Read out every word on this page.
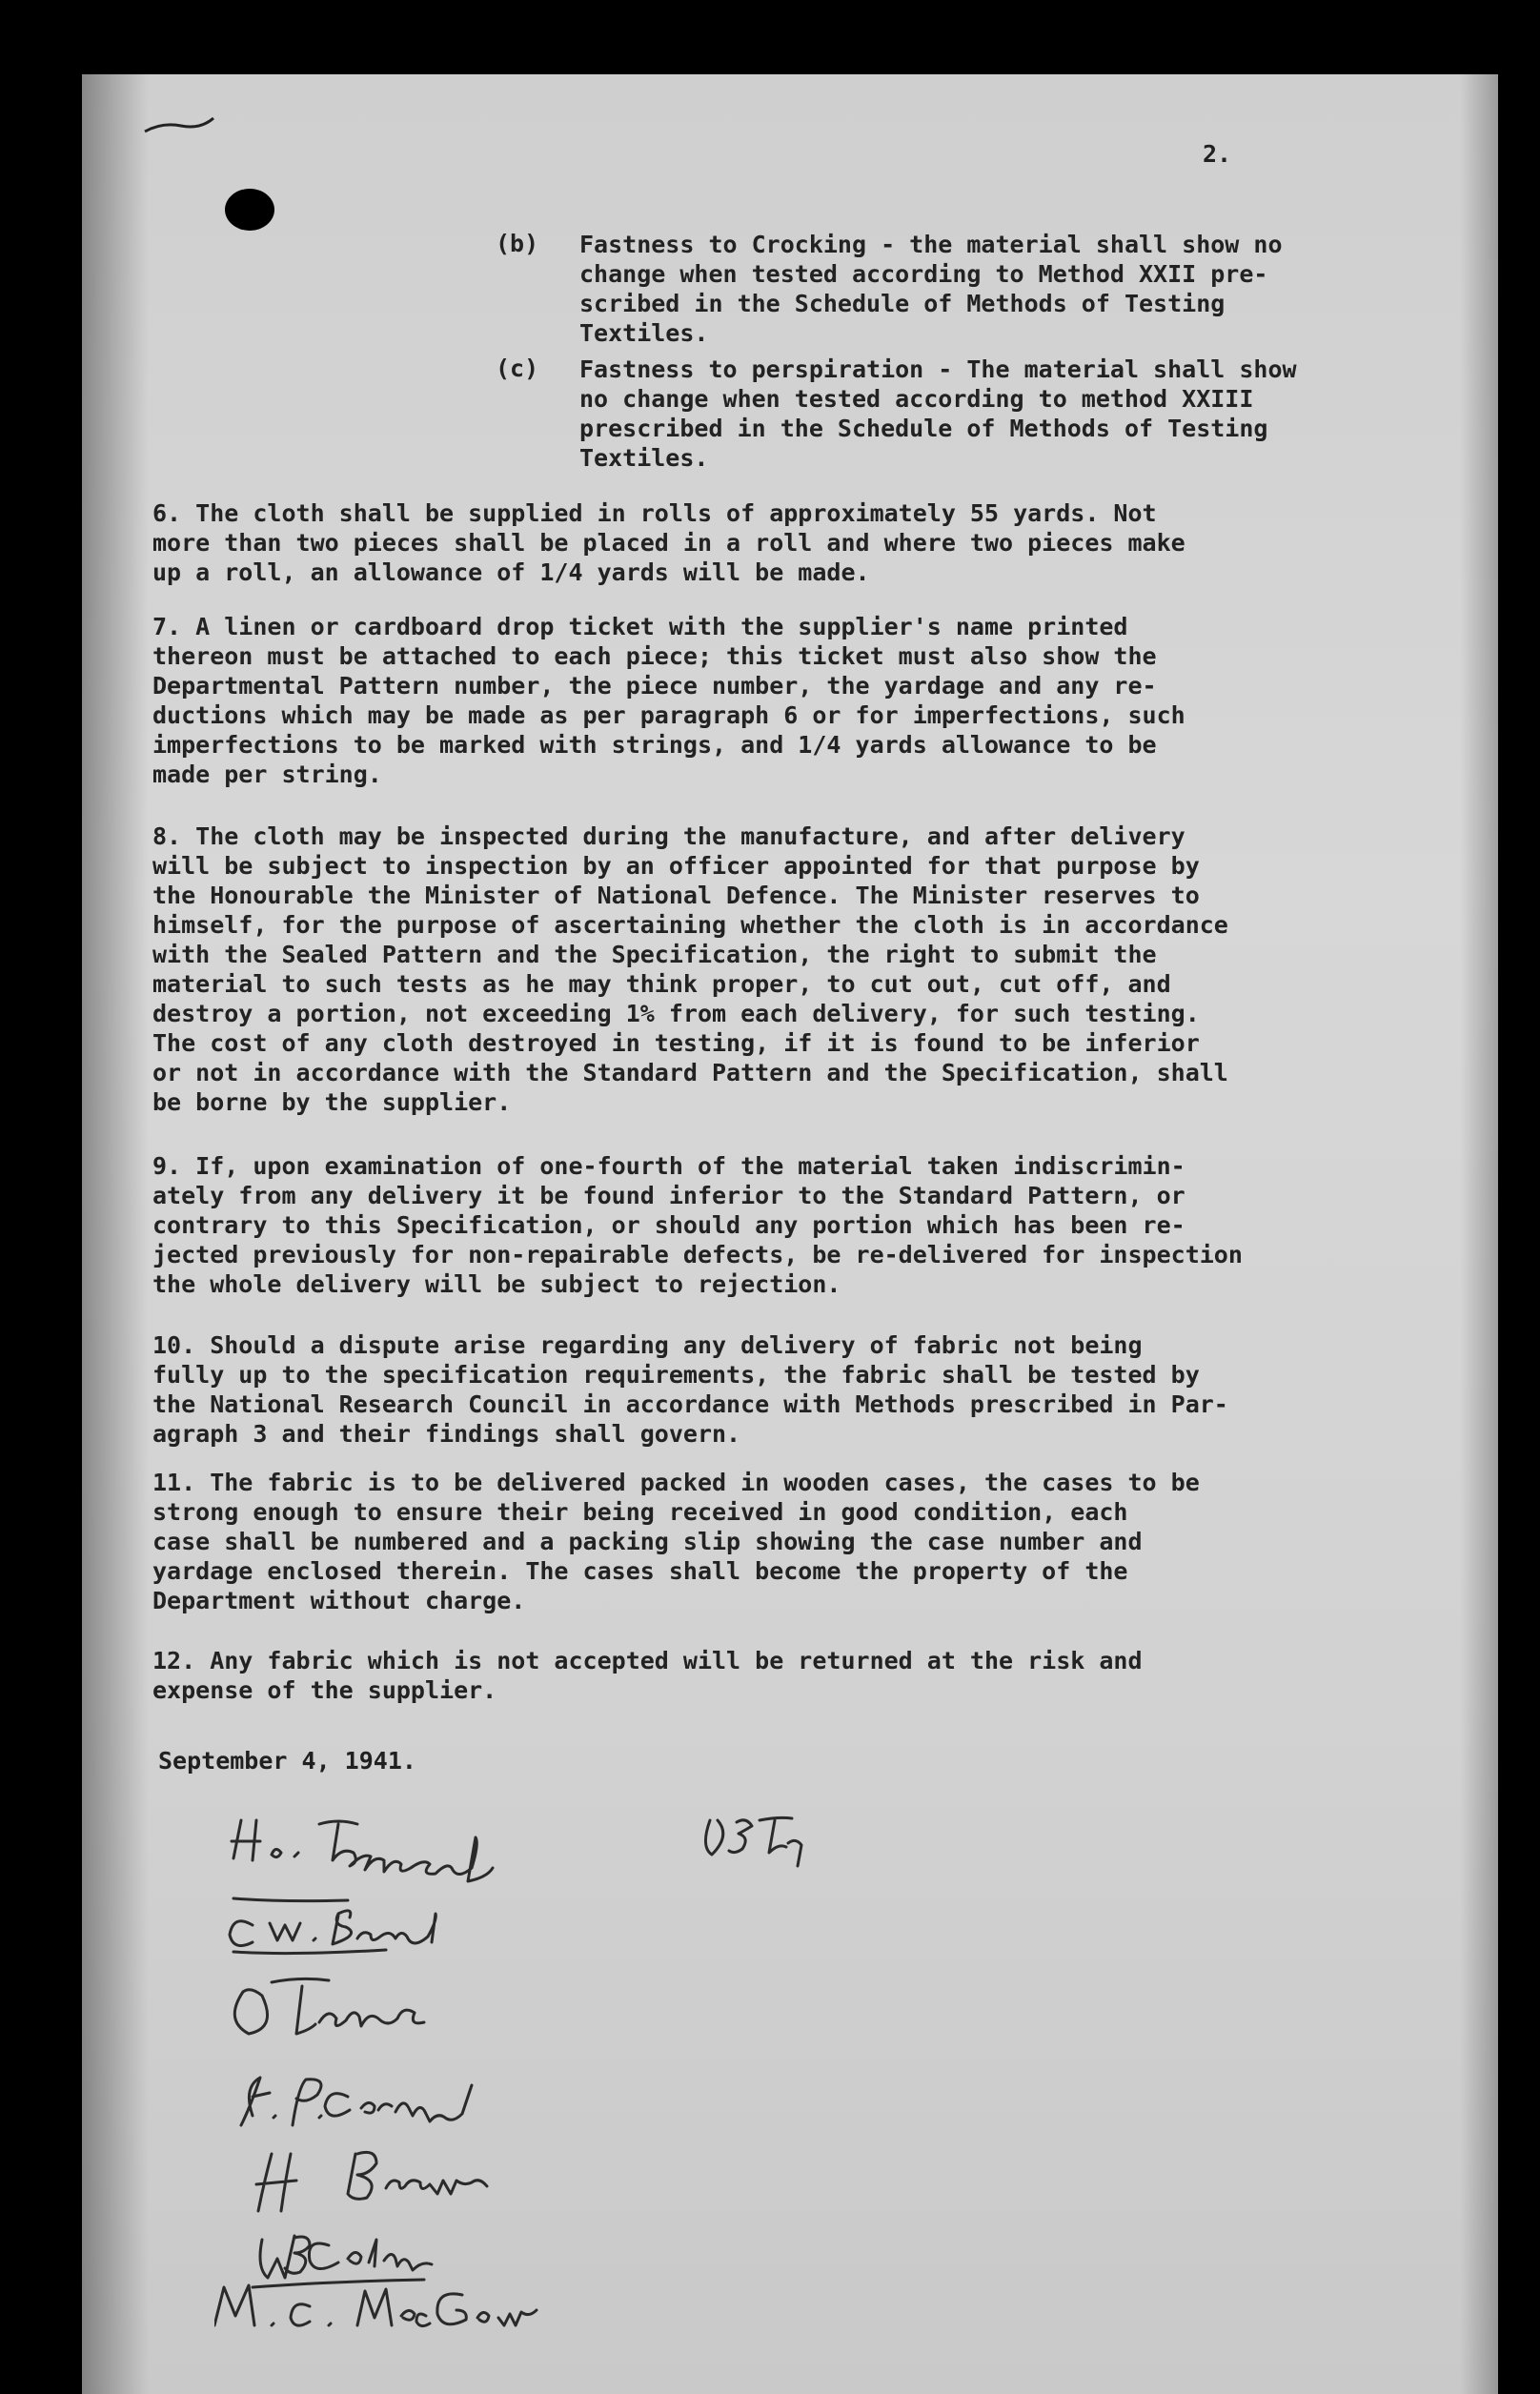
2.
(b) Fastness to Crocking - the material shall show no
change when tested according to Method XXII pre-
scribed in the Schedule of Methods of Testing
Textiles.
(c) Fastness to perspiration - The material shall show
no change when tested according to method XXIII
prescribed in the Schedule of Methods of Testing
Textiles.
6. The cloth shall be supplied in rolls of approximately 55 yards. Not
more than two pieces shall be placed in a roll and where two pieces make
up a roll, an allowance of 1/4 yards will be made.
7. A linen or cardboard drop ticket with the supplier's name printed
thereon must be attached to each piece; this ticket must also show the
Departmental Pattern number, the piece number, the yardage and any re-
ductions which may be made as per paragraph 6 or for imperfections, such
imperfections to be marked with strings, and 1/4 yards allowance to be
made per string.
8. The cloth may be inspected during the manufacture, and after delivery
will be subject to inspection by an officer appointed for that purpose by
the Honourable the Minister of National Defence. The Minister reserves to
himself, for the purpose of ascertaining whether the cloth is in accordance
with the Sealed Pattern and the Specification, the right to submit the
material to such tests as he may think proper, to cut out, cut off, and
destroy a portion, not exceeding 1% from each delivery, for such testing.
The cost of any cloth destroyed in testing, if it is found to be inferior
or not in accordance with the Standard Pattern and the Specification, shall
be borne by the supplier.
9. If, upon examination of one-fourth of the material taken indiscrimin-
ately from any delivery it be found inferior to the Standard Pattern, or
contrary to this Specification, or should any portion which has been re-
jected previously for non-repairable defects, be re-delivered for inspection
the whole delivery will be subject to rejection.
10. Should a dispute arise regarding any delivery of fabric not being
fully up to the specification requirements, the fabric shall be tested by
the National Research Council in accordance with Methods prescribed in Par-
agraph 3 and their findings shall govern.
11. The fabric is to be delivered packed in wooden cases, the cases to be
strong enough to ensure their being received in good condition, each
case shall be numbered and a packing slip showing the case number and
yardage enclosed therein. The cases shall become the property of the
Department without charge.
12. Any fabric which is not accepted will be returned at the risk and
expense of the supplier.
September 4, 1941.
